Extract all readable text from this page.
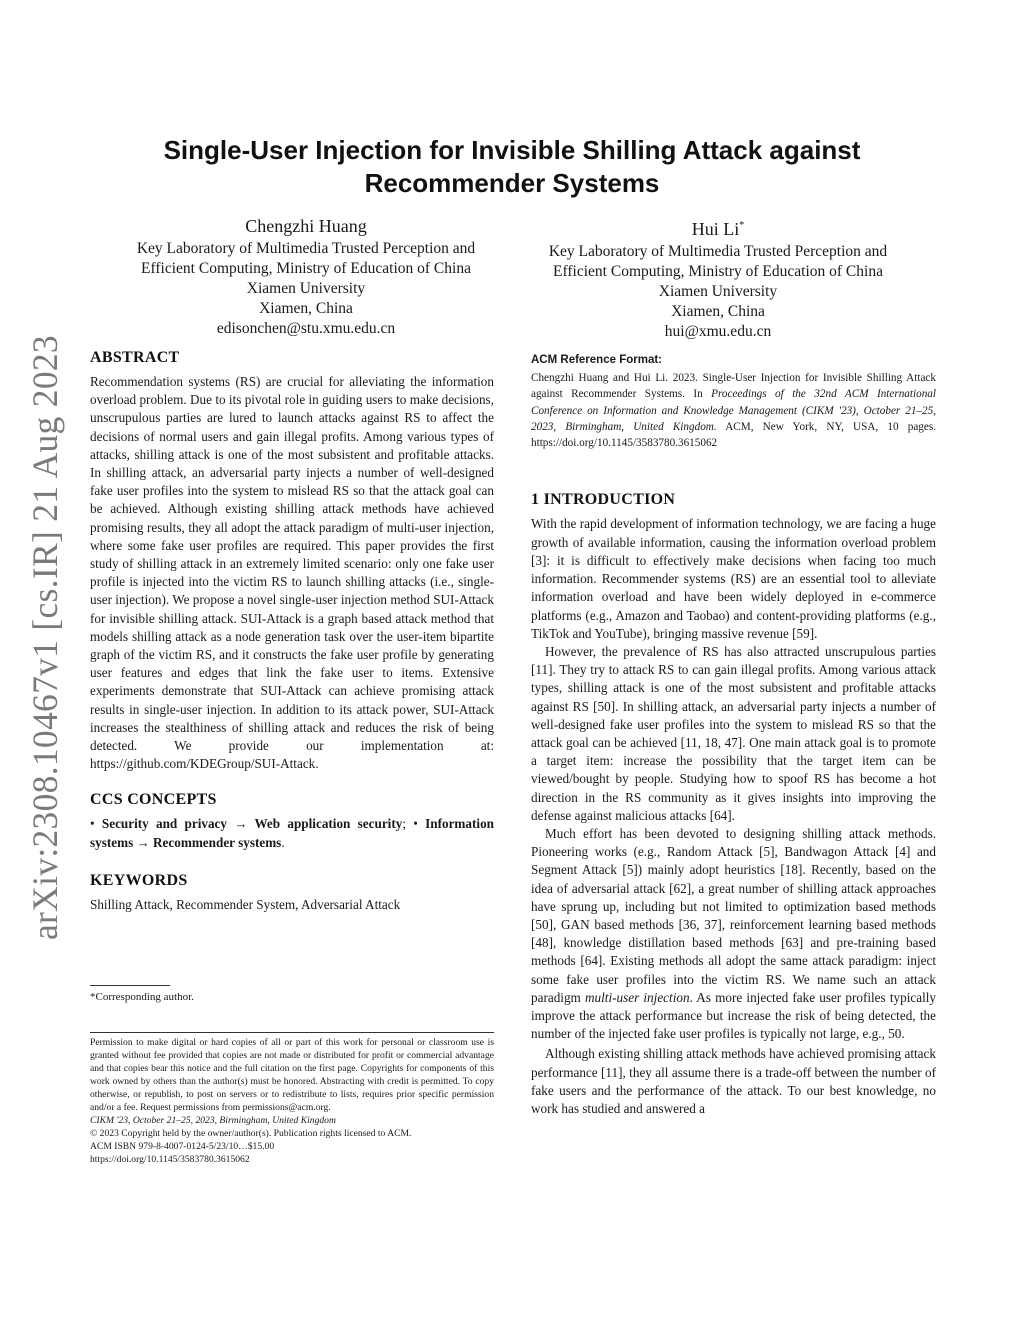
arXiv:2308.10467v1 [cs.IR] 21 Aug 2023
Single-User Injection for Invisible Shilling Attack against Recommender Systems
Chengzhi Huang
Key Laboratory of Multimedia Trusted Perception and
Efficient Computing, Ministry of Education of China
Xiamen University
Xiamen, China
edisonchen@stu.xmu.edu.cn
Hui Li*
Key Laboratory of Multimedia Trusted Perception and
Efficient Computing, Ministry of Education of China
Xiamen University
Xiamen, China
hui@xmu.edu.cn
ABSTRACT

Recommendation systems (RS) are crucial for alleviating the information overload problem. Due to its pivotal role in guiding users to make decisions, unscrupulous parties are lured to launch attacks against RS to affect the decisions of normal users and gain illegal profits. Among various types of attacks, shilling attack is one of the most subsistent and profitable attacks. In shilling attack, an adversarial party injects a number of well-designed fake user profiles into the system to mislead RS so that the attack goal can be achieved. Although existing shilling attack methods have achieved promising results, they all adopt the attack paradigm of multi-user injection, where some fake user profiles are required. This paper provides the first study of shilling attack in an extremely limited scenario: only one fake user profile is injected into the victim RS to launch shilling attacks (i.e., single-user injection). We propose a novel single-user injection method SUI-Attack for invisible shilling attack. SUI-Attack is a graph based attack method that models shilling attack as a node generation task over the user-item bipartite graph of the victim RS, and it constructs the fake user profile by generating user features and edges that link the fake user to items. Extensive experiments demonstrate that SUI-Attack can achieve promising attack results in single-user injection. In addition to its attack power, SUI-Attack increases the stealthiness of shilling attack and reduces the risk of being detected. We provide our implementation at: https://github.com/KDEGroup/SUI-Attack.

CCS CONCEPTS

• Security and privacy → Web application security; • Information systems → Recommender systems.

KEYWORDS

Shilling Attack, Recommender System, Adversarial Attack

*Corresponding author.

Permission to make digital or hard copies of all or part of this work for personal or classroom use is granted without fee provided that copies are not made or distributed for profit or commercial advantage and that copies bear this notice and the full citation on the first page. Copyrights for components of this work owned by others than the author(s) must be honored. Abstracting with credit is permitted. To copy otherwise, or republish, to post on servers or to redistribute to lists, requires prior specific permission and/or a fee. Request permissions from permissions@acm.org.

CIKM '23, October 21–25, 2023, Birmingham, United Kingdom
© 2023 Copyright held by the owner/author(s). Publication rights licensed to ACM.
ACM ISBN 979-8-4007-0124-5/23/10…$15.00
https://doi.org/10.1145/3583780.3615062
ACM Reference Format:

Chengzhi Huang and Hui Li. 2023. Single-User Injection for Invisible Shilling Attack against Recommender Systems. In Proceedings of the 32nd ACM International Conference on Information and Knowledge Management (CIKM '23), October 21–25, 2023, Birmingham, United Kingdom. ACM, New York, NY, USA, 10 pages. https://doi.org/10.1145/3583780.3615062

1 INTRODUCTION

With the rapid development of information technology, we are facing a huge growth of available information, causing the information overload problem [3]: it is difficult to effectively make decisions when facing too much information. Recommender systems (RS) are an essential tool to alleviate information overload and have been widely deployed in e-commerce platforms (e.g., Amazon and Taobao) and content-providing platforms (e.g., TikTok and YouTube), bringing massive revenue [59].

However, the prevalence of RS has also attracted unscrupulous parties [11]. They try to attack RS to can gain illegal profits. Among various attack types, shilling attack is one of the most subsistent and profitable attacks against RS [50]. In shilling attack, an adversarial party injects a number of well-designed fake user profiles into the system to mislead RS so that the attack goal can be achieved [11, 18, 47]. One main attack goal is to promote a target item: increase the possibility that the target item can be viewed/bought by people. Studying how to spoof RS has become a hot direction in the RS community as it gives insights into improving the defense against malicious attacks [64].

Much effort has been devoted to designing shilling attack methods. Pioneering works (e.g., Random Attack [5], Bandwagon Attack [4] and Segment Attack [5]) mainly adopt heuristics [18]. Recently, based on the idea of adversarial attack [62], a great number of shilling attack approaches have sprung up, including but not limited to optimization based methods [50], GAN based methods [36, 37], reinforcement learning based methods [48], knowledge distillation based methods [63] and pre-training based methods [64]. Existing methods all adopt the same attack paradigm: inject some fake user profiles into the victim RS. We name such an attack paradigm multi-user injection. As more injected fake user profiles typically improve the attack performance but increase the risk of being detected, the number of the injected fake user profiles is typically not large, e.g., 50.

Although existing shilling attack methods have achieved promising attack performance [11], they all assume there is a trade-off between the number of fake users and the performance of the attack. To our best knowledge, no work has studied and answered a
